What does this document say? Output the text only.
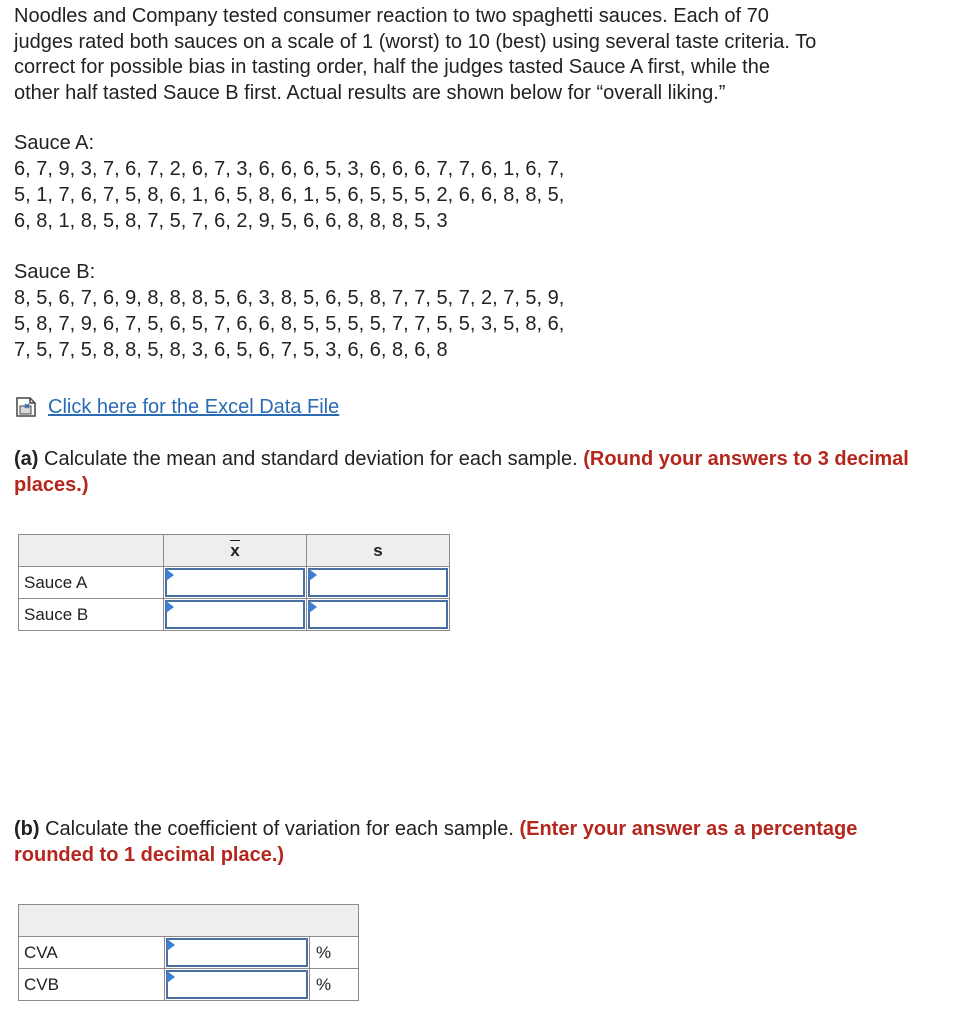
Noodles and Company tested consumer reaction to two spaghetti sauces. Each of 70

judges rated both sauces on a scale of 1 (worst) to 10 (best) using several taste criteria. To

correct for possible bias in tasting order, half the judges tasted Sauce A first, while the

other half tasted Sauce B first. Actual results are shown below for “overall liking.”

Sauce A:
6, 7, 9, 3, 7, 6, 7, 2, 6, 7, 3, 6, 6, 6, 5, 3, 6, 6, 6, 7, 7, 6, 1, 6, 7,
5, 1, 7, 6, 7, 5, 8, 6, 1, 6, 5, 8, 6, 1, 5, 6, 5, 5, 5, 2, 6, 6, 8, 8, 5,
6, 8, 1, 8, 5, 8, 7, 5, 7, 6, 2, 9, 5, 6, 6, 8, 8, 8, 5, 3
Sauce B:
8, 5, 6, 7, 6, 9, 8, 8, 8, 5, 6, 3, 8, 5, 6, 5, 8, 7, 7, 5, 7, 2, 7, 5, 9,
5, 8, 7, 9, 6, 7, 5, 6, 5, 7, 6, 6, 8, 5, 5, 5, 5, 7, 7, 5, 5, 3, 5, 8, 6,
7, 5, 7, 5, 8, 8, 5, 8, 3, 6, 5, 6, 7, 5, 3, 6, 6, 8, 6, 8
Click here for the Excel Data File
(a) Calculate the mean and standard deviation for each sample. (Round your answers to 3 decimal places.)
	x	s
Sauce A	

Sauce B	

(b) Calculate the coefficient of variation for each sample. (Enter your answer as a percentage rounded to 1 decimal place.)

CVA		%
CVB		%
